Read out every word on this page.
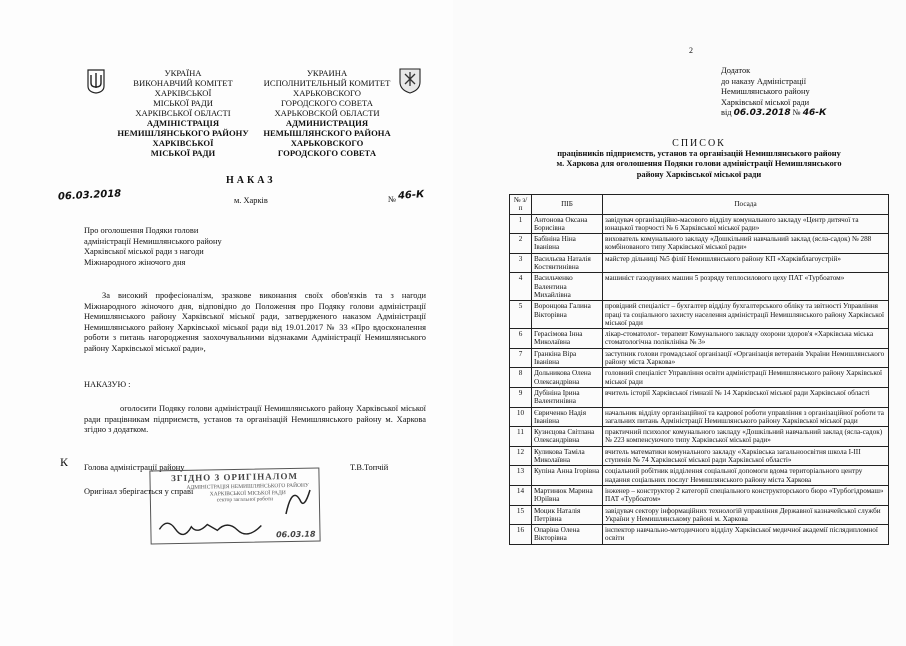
УКРАЇНА
ВИКОНАВЧИЙ КОМІТЕТ
ХАРКІВСЬКОЇ
МІСЬКОЇ РАДИ
ХАРКІВСЬКОЇ ОБЛАСТІ
АДМІНІСТРАЦІЯ
НЕМИШЛЯНСЬКОГО РАЙОНУ
ХАРКІВСЬКОЇ
МІСЬКОЇ РАДИ
УКРАИНА
ИСПОЛНИТЕЛЬНЫЙ КОМИТЕТ
ХАРЬКОВСКОГО
ГОРОДСКОГО СОВЕТА
ХАРЬКОВСКОЙ ОБЛАСТИ
АДМИНИСТРАЦИЯ
НЕМЫШЛЯНСКОГО РАЙОНА
ХАРЬКОВСКОГО
ГОРОДСКОГО СОВЕТА
НАКАЗ
06.03.2018	м. Харків	№ 46-К
Про оголошення Подяки голови
адміністрації Немишлянського району
Харківської міської ради з нагоди
Міжнародного жіночого дня
За високий професіоналізм, зразкове виконання своїх обов'язків та з нагоди Міжнародного жіночого дня, відповідно до Положення про Подяку голови адміністрації Немишлянського району Харківської міської ради, затвердженого наказом Адміністрації Немишлянського району Харківської міської ради від 19.01.2017 № 33 «Про вдосконалення роботи з питань нагородження заохочувальними відзнаками Адміністрації Немишлянського району Харківської міської ради»,
НАКАЗУЮ :
оголосити Подяку голови адміністрації Немишлянського району Харківської міської ради працівникам підприємств, установ та організацій Немишлянського району м. Харкова згідно з додатком.
Голова адміністрації району	Т.В.Топчій
К
ЗГІДНО З ОРИГІНАЛОМ
АДМІНІСТРАЦІЯ НЕМИШЛЯНСЬКОГО РАЙОНУ ХАРКІВСЬКОЇ МІСЬКОЇ РАДИ
сектор загальної роботи
06.03.18
Оригінал зберігається у справі
2
Додаток
до наказу Адміністрації
Немишлянського району
Харківської міської ради
від 06.03.2018 № 46-К
СПИСОК
працівників підприємств, установ та організацій Немишлянського району
м. Харкова для оголошення Подяки голови адміністрації Немишлянського
району Харківської міської ради
№ з/п	ПІБ	Посада
1	Антонова Оксана Борисівна	завідувач організаційно-масового відділу комунального закладу «Центр дитячої та юнацької творчості № 6 Харківської міської ради»
2	Бабініна Ніна Іванівна	вихователь комунального закладу «Дошкільний навчальний заклад (ясла-садок) № 288 комбінованого типу Харківської міської ради»
3	Васильєва Наталія Костянтинівна	майстер дільниці №5 філії Немишлянського району КП «Харківблагоустрій»
4	Васильченко Валентина Михайлівна	машиніст газодувних машин 5 розряду теплосилового цеху ПАТ «Турбоатом»
5	Воронцова Галина Вікторівна	провідний спеціаліст – бухгалтер відділу бухгалтерського обліку та звітності Управління праці та соціального захисту населення адміністрації Немишлянського району Харківської міської ради
6	Герасімова Інна Миколаївна	лікар-стоматолог- терапевт Комунального закладу охорони здоров'я «Харківська міська стоматологічна поліклініка № 3»
7	Гранкіна Віра Іванівна	заступник голови громадської організації «Організація ветеранів України Немишлянського району міста Харкова»
8	Дольникова Олена Олександрівна	головний спеціаліст Управління освіти адміністрації Немишлянського району Харківської міської ради
9	Дубініна Ірина Валентинівна	вчитель історії Харківської гімназії № 14 Харківської міської ради Харківської області
10	Євриченко Надія Іванівна	начальник відділу організаційної та кадрової роботи управління з організаційної роботи та загальних питань Адміністрації Немишлянського району Харківської міської ради
11	Кузнєцова Світлана Олександрівна	практичний психолог комунального закладу «Дошкільний навчальний заклад (ясла-садок) № 223 компенсуючого типу Харківської міської ради»
12	Куликова Таміла Миколаївна	вчитель математики комунального закладу «Харківська загальноосвітня школа І-ІІІ ступенів № 74 Харківської міської ради Харківської області»
13	Купіна Анна Ігорівна	соціальний робітник відділення соціальної допомоги вдома територіального центру надання соціальних послуг Немишлянського району міста Харкова
14	Мартинюк Марина Юріївна	інженер – конструктор 2 категорії спеціального конструкторського бюро «Турбогідромаш» ПАТ «Турбоатом»
15	Моцик Наталія Петрівна	завідувач сектору інформаційних технологій управління Державної казначейської служби України у Немишлянському районі м. Харкова
16	Опаріна Олена Вікторівна	інспектор навчально-методичного відділу Харківської медичної академії післядипломної освіти
